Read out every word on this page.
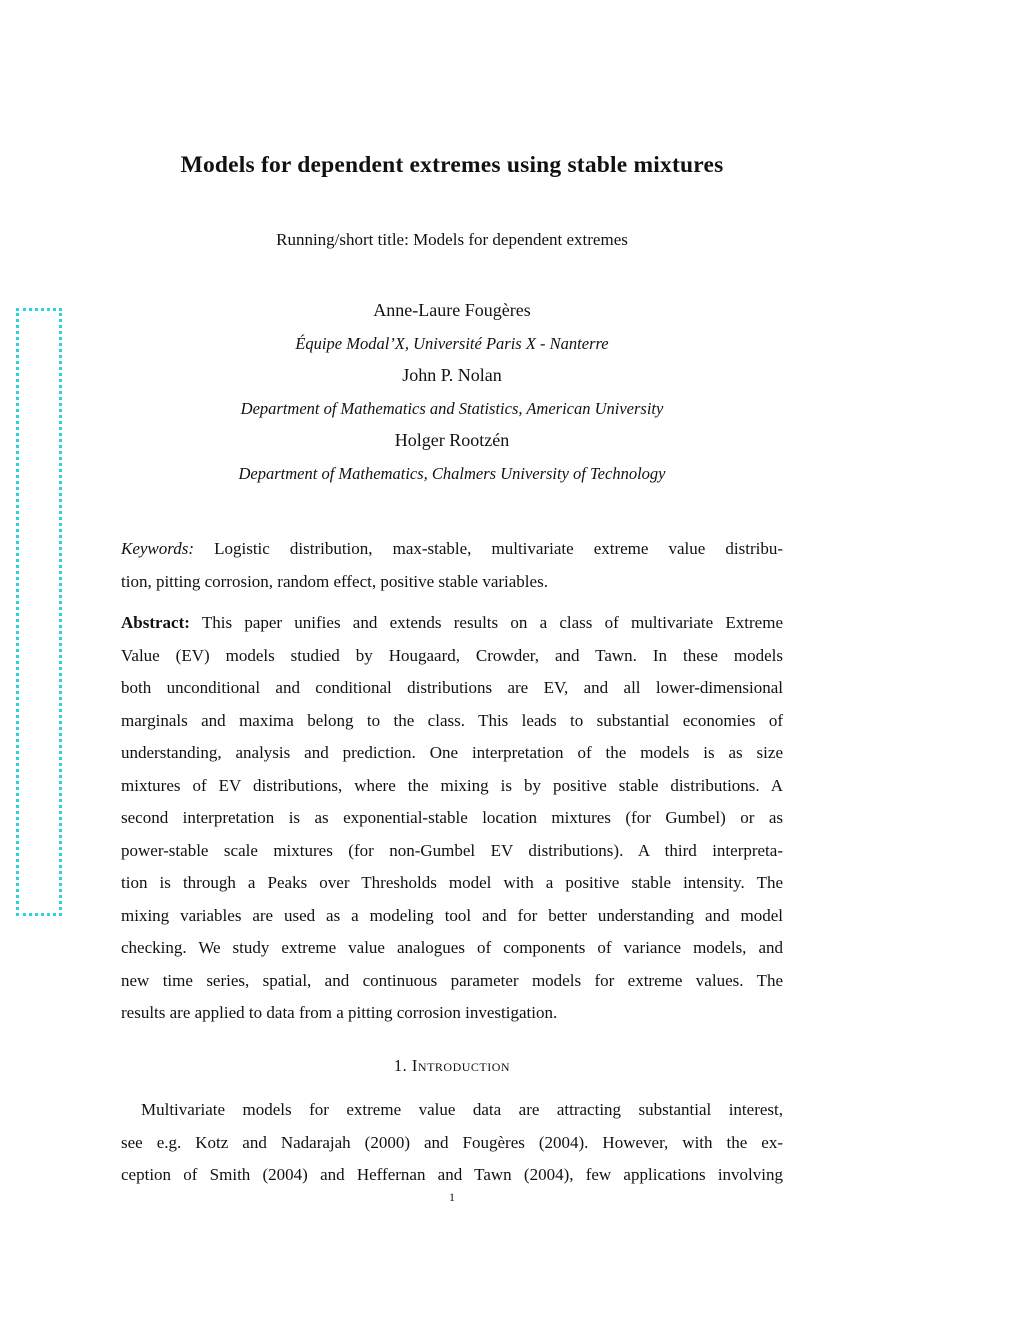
Models for dependent extremes using stable mixtures
Running/short title: Models for dependent extremes
Anne-Laure Fougères
Équipe Modal’X, Université Paris X - Nanterre
John P. Nolan
Department of Mathematics and Statistics, American University
Holger Rootzén
Department of Mathematics, Chalmers University of Technology
Keywords: Logistic distribution, max-stable, multivariate extreme value distribu-
tion, pitting corrosion, random effect, positive stable variables.
Abstract: This paper unifies and extends results on a class of multivariate Extreme
Value (EV) models studied by Hougaard, Crowder, and Tawn. In these models
both unconditional and conditional distributions are EV, and all lower-dimensional
marginals and maxima belong to the class. This leads to substantial economies of
understanding, analysis and prediction. One interpretation of the models is as size
mixtures of EV distributions, where the mixing is by positive stable distributions. A
second interpretation is as exponential-stable location mixtures (for Gumbel) or as
power-stable scale mixtures (for non-Gumbel EV distributions). A third interpreta-
tion is through a Peaks over Thresholds model with a positive stable intensity. The
mixing variables are used as a modeling tool and for better understanding and model
checking. We study extreme value analogues of components of variance models, and
new time series, spatial, and continuous parameter models for extreme values. The
results are applied to data from a pitting corrosion investigation.
1. Introduction
Multivariate models for extreme value data are attracting substantial interest,
see e.g. Kotz and Nadarajah (2000) and Fougères (2004). However, with the ex-
ception of Smith (2004) and Heffernan and Tawn (2004), few applications involving
1
